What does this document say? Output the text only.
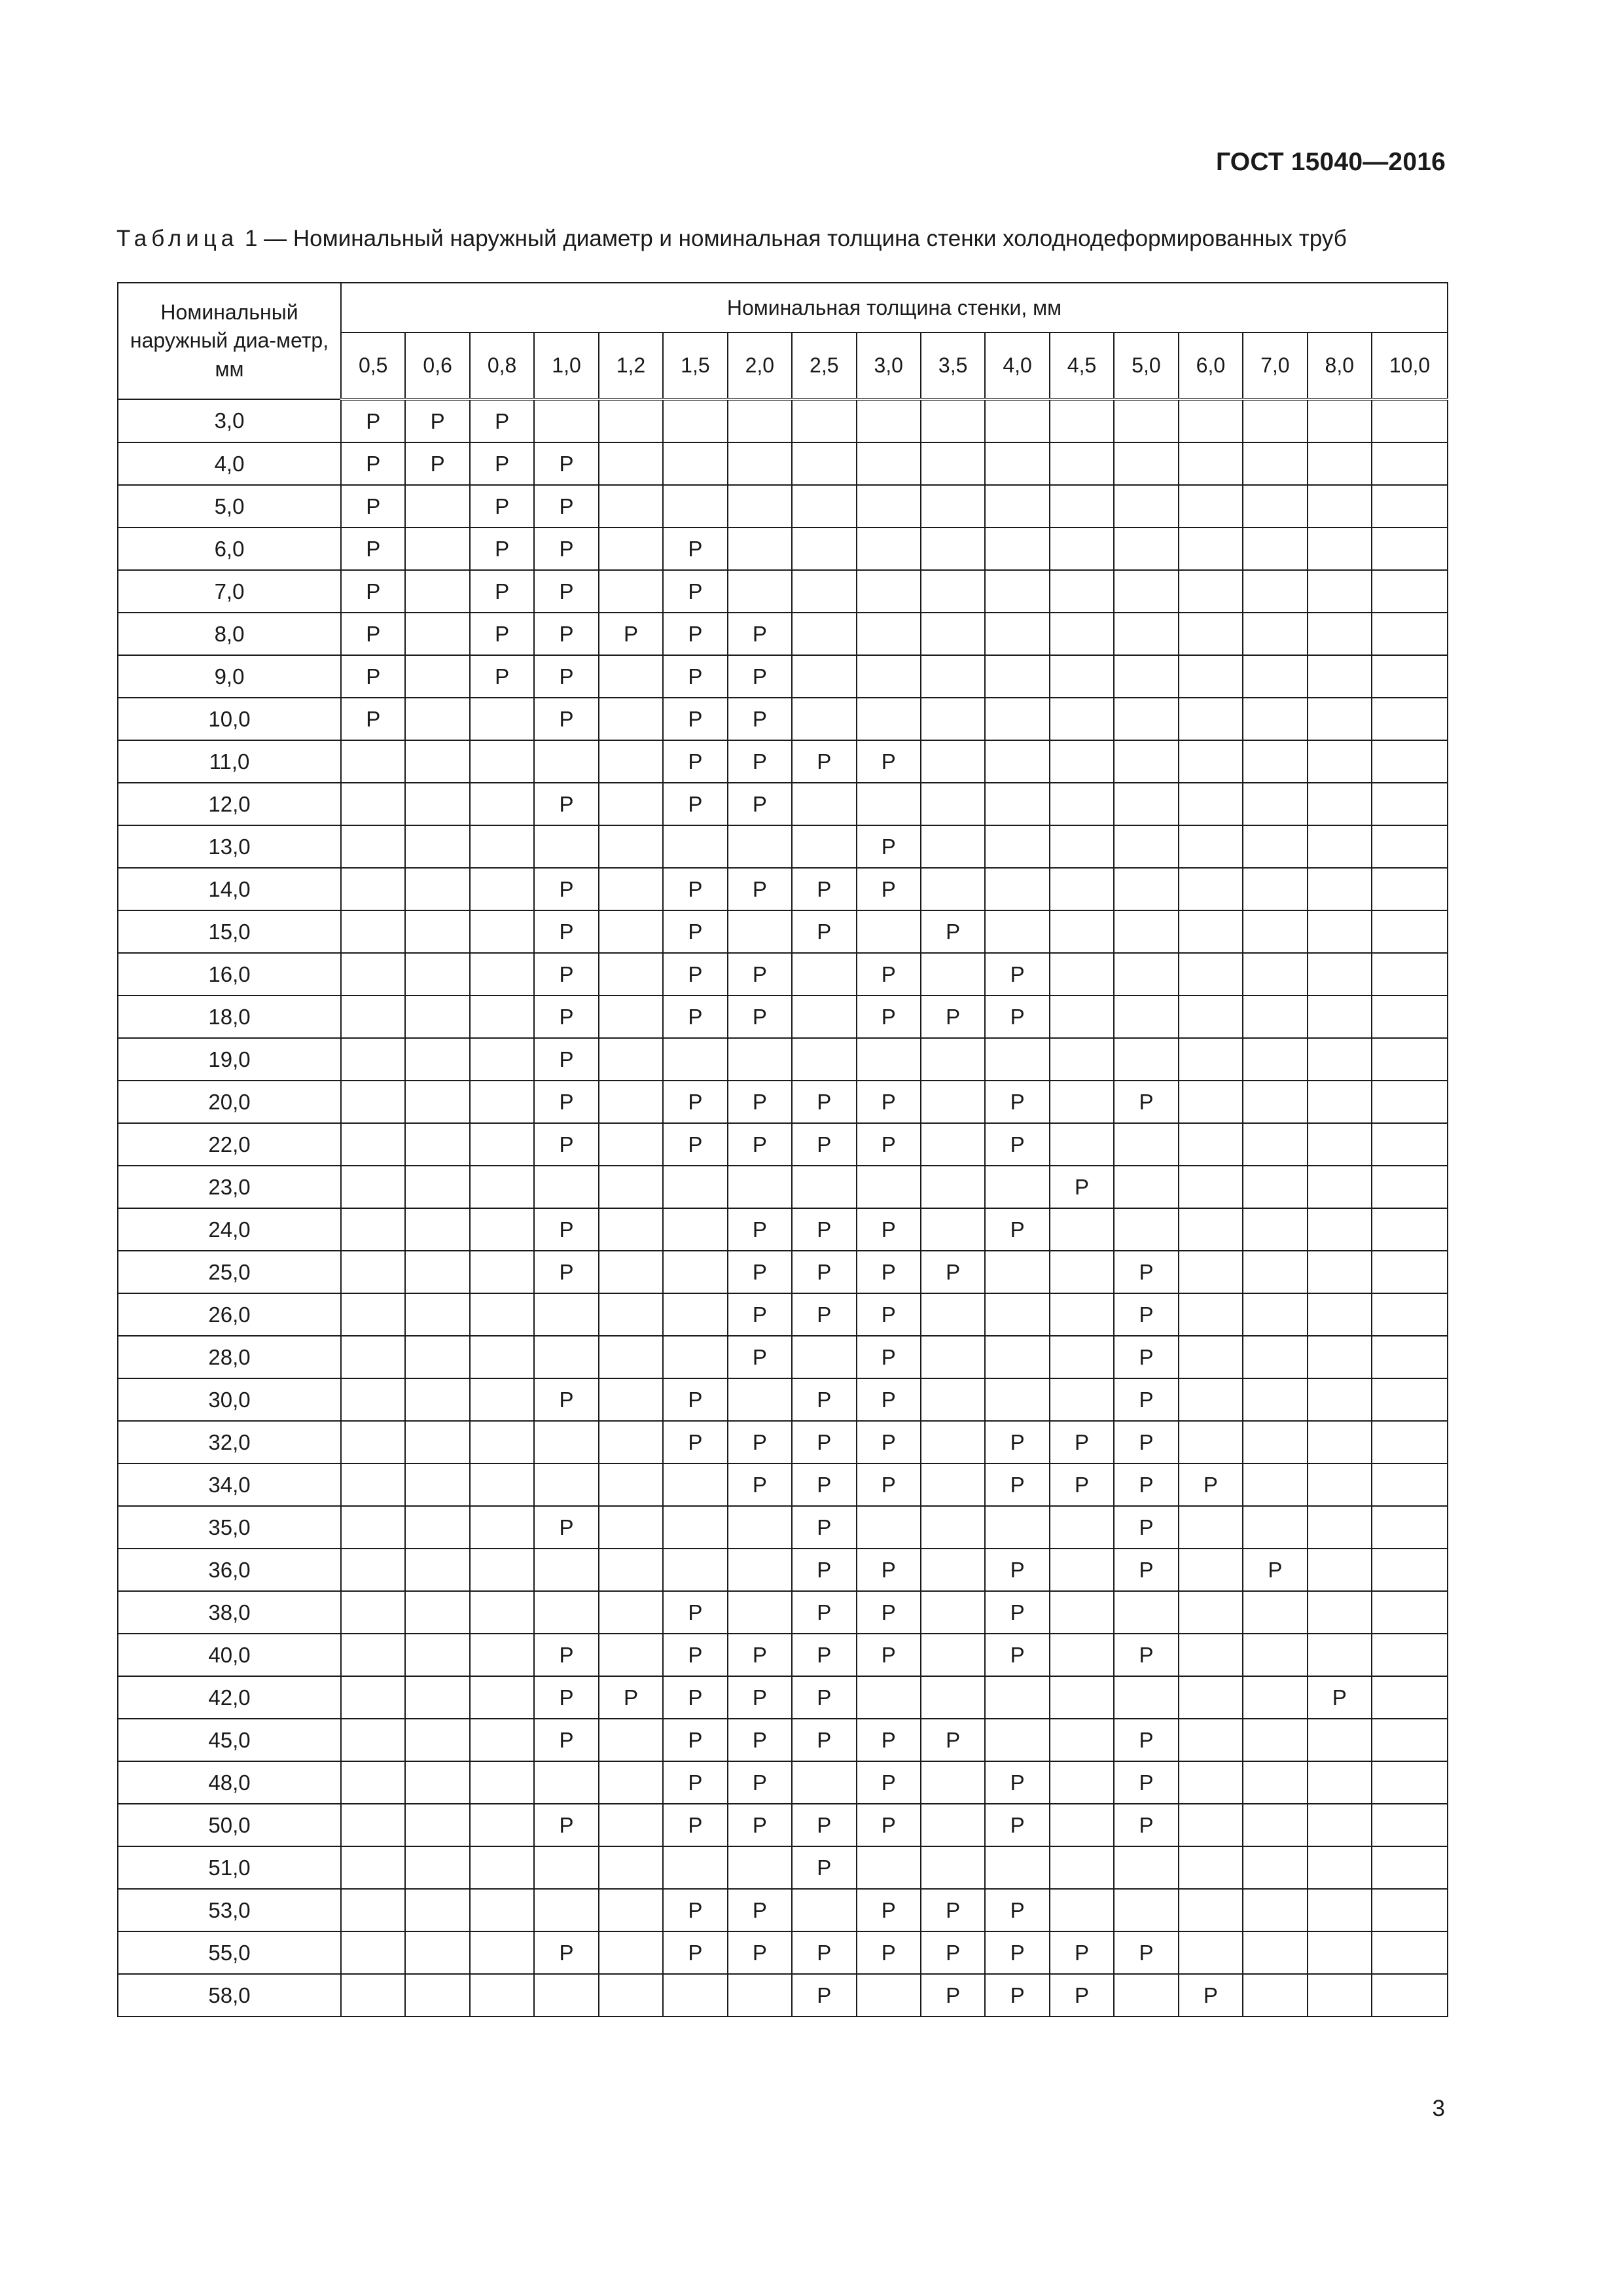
ГОСТ 15040—2016
Таблица 1 — Номинальный наружный диаметр и номинальная толщина стенки холоднодеформированных труб
Номинальный наружный диа-метр, мм	Номинальная толщина стенки, мм																
	0,5	0,6	0,8	1,0	1,2	1,5	2,0	2,5	3,0	3,5	4,0	4,5	5,0	6,0	7,0	8,0	10,0
3,0	Р	Р	Р														
4,0	Р	Р	Р	Р													
5,0	Р		Р	Р													
6,0	Р		Р	Р		Р											
7,0	Р		Р	Р		Р											
8,0	Р		Р	Р	Р	Р	Р										
9,0	Р		Р	Р		Р	Р										
10,0	Р			Р		Р	Р										
11,0						Р	Р	Р	Р								
12,0				Р		Р	Р										
13,0									Р								
14,0				Р		Р	Р	Р	Р								
15,0				Р		Р		Р		Р							
16,0				Р		Р	Р		Р		Р						
18,0				Р		Р	Р		Р	Р	Р						
19,0				Р													
20,0				Р		Р	Р	Р	Р		Р		Р				
22,0				Р		Р	Р	Р	Р		Р						
23,0												Р					
24,0				Р			Р	Р	Р		Р						
25,0				Р			Р	Р	Р	Р			Р				
26,0							Р	Р	Р				Р				
28,0							Р		Р				Р				
30,0				Р		Р		Р	Р				Р				
32,0						Р	Р	Р	Р		Р	Р	Р				
34,0							Р	Р	Р		Р	Р	Р	Р			
35,0				Р				Р					Р				
36,0								Р	Р		Р		Р		Р		
38,0						Р		Р	Р		Р						
40,0				Р		Р	Р	Р	Р		Р		Р				
42,0				Р	Р	Р	Р	Р								Р	
45,0				Р		Р	Р	Р	Р	Р			Р				
48,0						Р	Р		Р		Р		Р				
50,0				Р		Р	Р	Р	Р		Р		Р				
51,0								Р									
53,0						Р	Р		Р	Р	Р						
55,0				Р		Р	Р	Р	Р	Р	Р	Р	Р				
58,0								Р		Р	Р	Р		Р			
3
